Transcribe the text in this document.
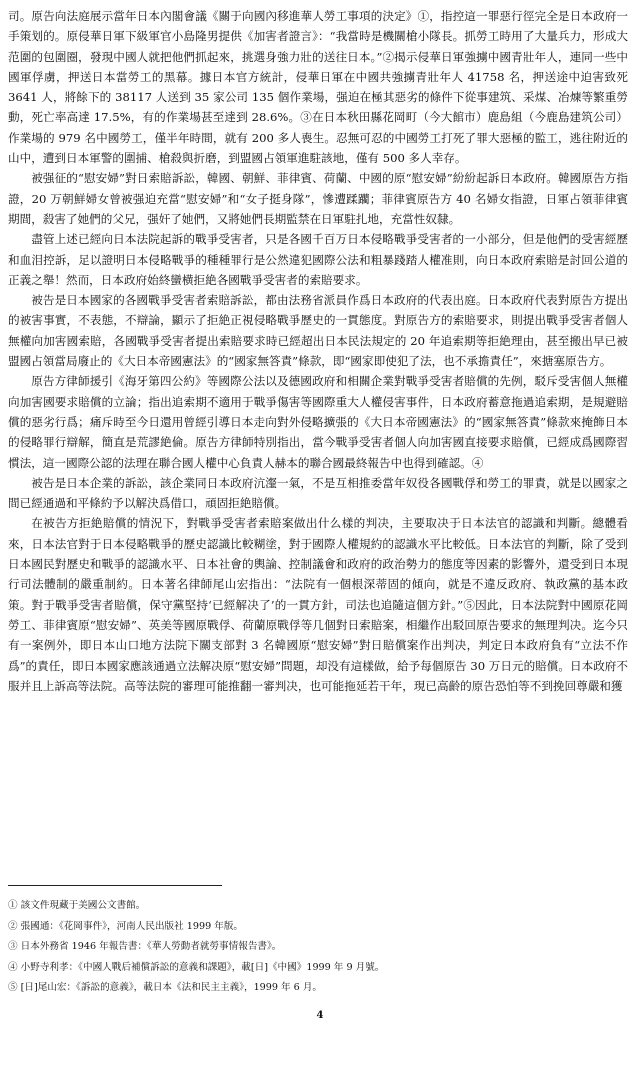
司。原告向法庭展示當年日本內閣會議《關于向國內移進華人勞工事項的決定》①，指控這一罪惡行徑完全是日本政府一手策划的。原侵華日軍下級軍官小島隆男提供《加害者證言》：“我當時是機關槍小隊長。抓勞工時用了大量兵力，形成大范圍的包圍圈，發現中國人就把他們抓起來，挑選身強力壯的送往日本。”②揭示侵華日軍強擄中國青壯年人，連同一些中國軍俘虜，押送日本當勞工的黑幕。據日本官方統計，侵華日軍在中國共強擄青壯年人 41758 名，押送途中迫害致死 3641 人，將餘下的 38117 人送到 35 家公司 135 個作業場，强迫在極其惡劣的條件下從事建筑、采煤、冶煉等繁重勞動，死亡率高達 17.5%，有的作業場甚至達到 28.6%。③在日本秋田縣花岡町（今大館市）鹿島組（今鹿島建筑公司）作業場的 979 名中國勞工，僅半年時間，就有 200 多人喪生。忍無可忍的中國勞工打死了罪大惡極的監工，逃往附近的山中，遭到日本軍警的圍捕、槍殺與折磨，到盟國占領軍進駐該地，僅有 500 多人幸存。

被强征的“慰安婦”對日索賠訴訟，韓國、朝鮮、菲律賓、荷蘭、中國的原“慰安婦”紛紛起訴日本政府。韓國原告方指證，20 万朝鮮婦女曾被强迫充當“慰安婦”和“女子挺身隊”，慘遭蹂躪；菲律賓原告方 40 名婦女指證，日軍占領菲律賓期間，殺害了她們的父兄，强奸了她們，又將她們長期監禁在日軍駐扎地，充當性奴隸。

盡管上述已經向日本法院起訴的戰爭受害者，只是各國千百万日本侵略戰爭受害者的一小部分，但是他們的受害經歷和血泪控訴，足以證明日本侵略戰爭的種種罪行是公然違犯國際公法和粗暴踐踏人權准則，向日本政府索賠是討回公道的正義之舉！然而，日本政府始終蠻横拒絶各國戰爭受害者的索賠要求。

被告是日本國家的各國戰爭受害者索賠訴訟，都由法務省派員作爲日本政府的代表出庭。日本政府代表對原告方提出的被害事實，不表態，不辯論，顯示了拒絶正視侵略戰爭歷史的一貫態度。對原告方的索賠要求，則提出戰爭受害者個人無權向加害國索賠，各國戰爭受害者提出索賠要求時已經超出日本民法規定的 20 年追索期等拒絶理由，甚至搬出早已被盟國占領當局廢止的《大日本帝國憲法》的“國家無答責”條款，即“國家即使犯了法，也不承擔責任”，來搪塞原告方。

原告方律師援引《海牙第四公約》等國際公法以及德國政府和相關企業對戰爭受害者賠償的先例，駁斥受害個人無權向加害國要求賠償的立論；指出追索期不適用于戰爭傷害等國際重大人權侵害事件，日本政府蓄意拖過追索期，是規避賠償的惡劣行爲；痛斥時至今日還用曾經引導日本走向對外侵略擴張的《大日本帝國憲法》的“國家無答責”條款來掩飾日本的侵略罪行辯解，簡直是荒謬絶倫。原告方律師特別指出，當今戰爭受害者個人向加害國直接要求賠償，已經成爲國際習慣法，這一國際公認的法理在聯合國人權中心負責人赫本的聯合國最終報告中也得到確認。④

被告是日本企業的訴訟，該企業同日本政府沆瀣一氣，不是互相推委當年奴役各國戰俘和勞工的罪責，就是以國家之間已經通過和平條約予以解決爲借口，頑固拒絶賠償。

在被告方拒絶賠償的情況下，對戰爭受害者索賠案做出什么樣的判决，主要取决于日本法官的認識和判斷。總體看來，日本法官對于日本侵略戰爭的歷史認識比較糊塗，對于國際人權規約的認識水平比較低。日本法官的判斷，除了受到日本國民對歷史和戰爭的認識水平、日本社會的輿論、控制議會和政府的政治勢力的態度等因素的影響外，還受到日本現行司法體制的嚴重制約。日本著名律師尾山宏指出：“法院有一個根深蒂固的傾向，就是不違反政府、執政黨的基本政策。對于戰爭受害者賠償，保守黨堅持‘已經解决了’的一貫方針，司法也追隨這個方針。”⑤因此，日本法院對中國原花岡勞工、菲律賓原“慰安婦”、英美等國原戰俘、荷蘭原戰俘等几個對日索賠案，相繼作出駁回原告要求的無理判决。迄今只有一案例外，即日本山口地方法院下關支部對 3 名韓國原“慰安婦”對日賠償案作出判决，判定日本政府負有“立法不作爲”的責任，即日本國家應該通過立法解决原“慰安婦”問題，却没有這樣做，給予每個原告 30 万日元的賠償。日本政府不服并且上訴高等法院。高等法院的審理可能推翻一審判决，也可能拖延若干年，現已高齡的原告恐怕等不到挽回尊嚴和獲

① 該文件現藏于美國公文書館。

② 張國通：《花岡事件》，河南人民出版社 1999 年版。

③ 日本外務省 1946 年報告書：《華人勞動者就勞事情報告書》。

④ 小野寺利孝：《中國人戰后補償訴訟的意義和課題》，載[日]《中國》1999 年 9 月號。

⑤ [日]尾山宏：《訴訟的意義》，載日本《法和民主主義》，1999 年 6 月。

4
